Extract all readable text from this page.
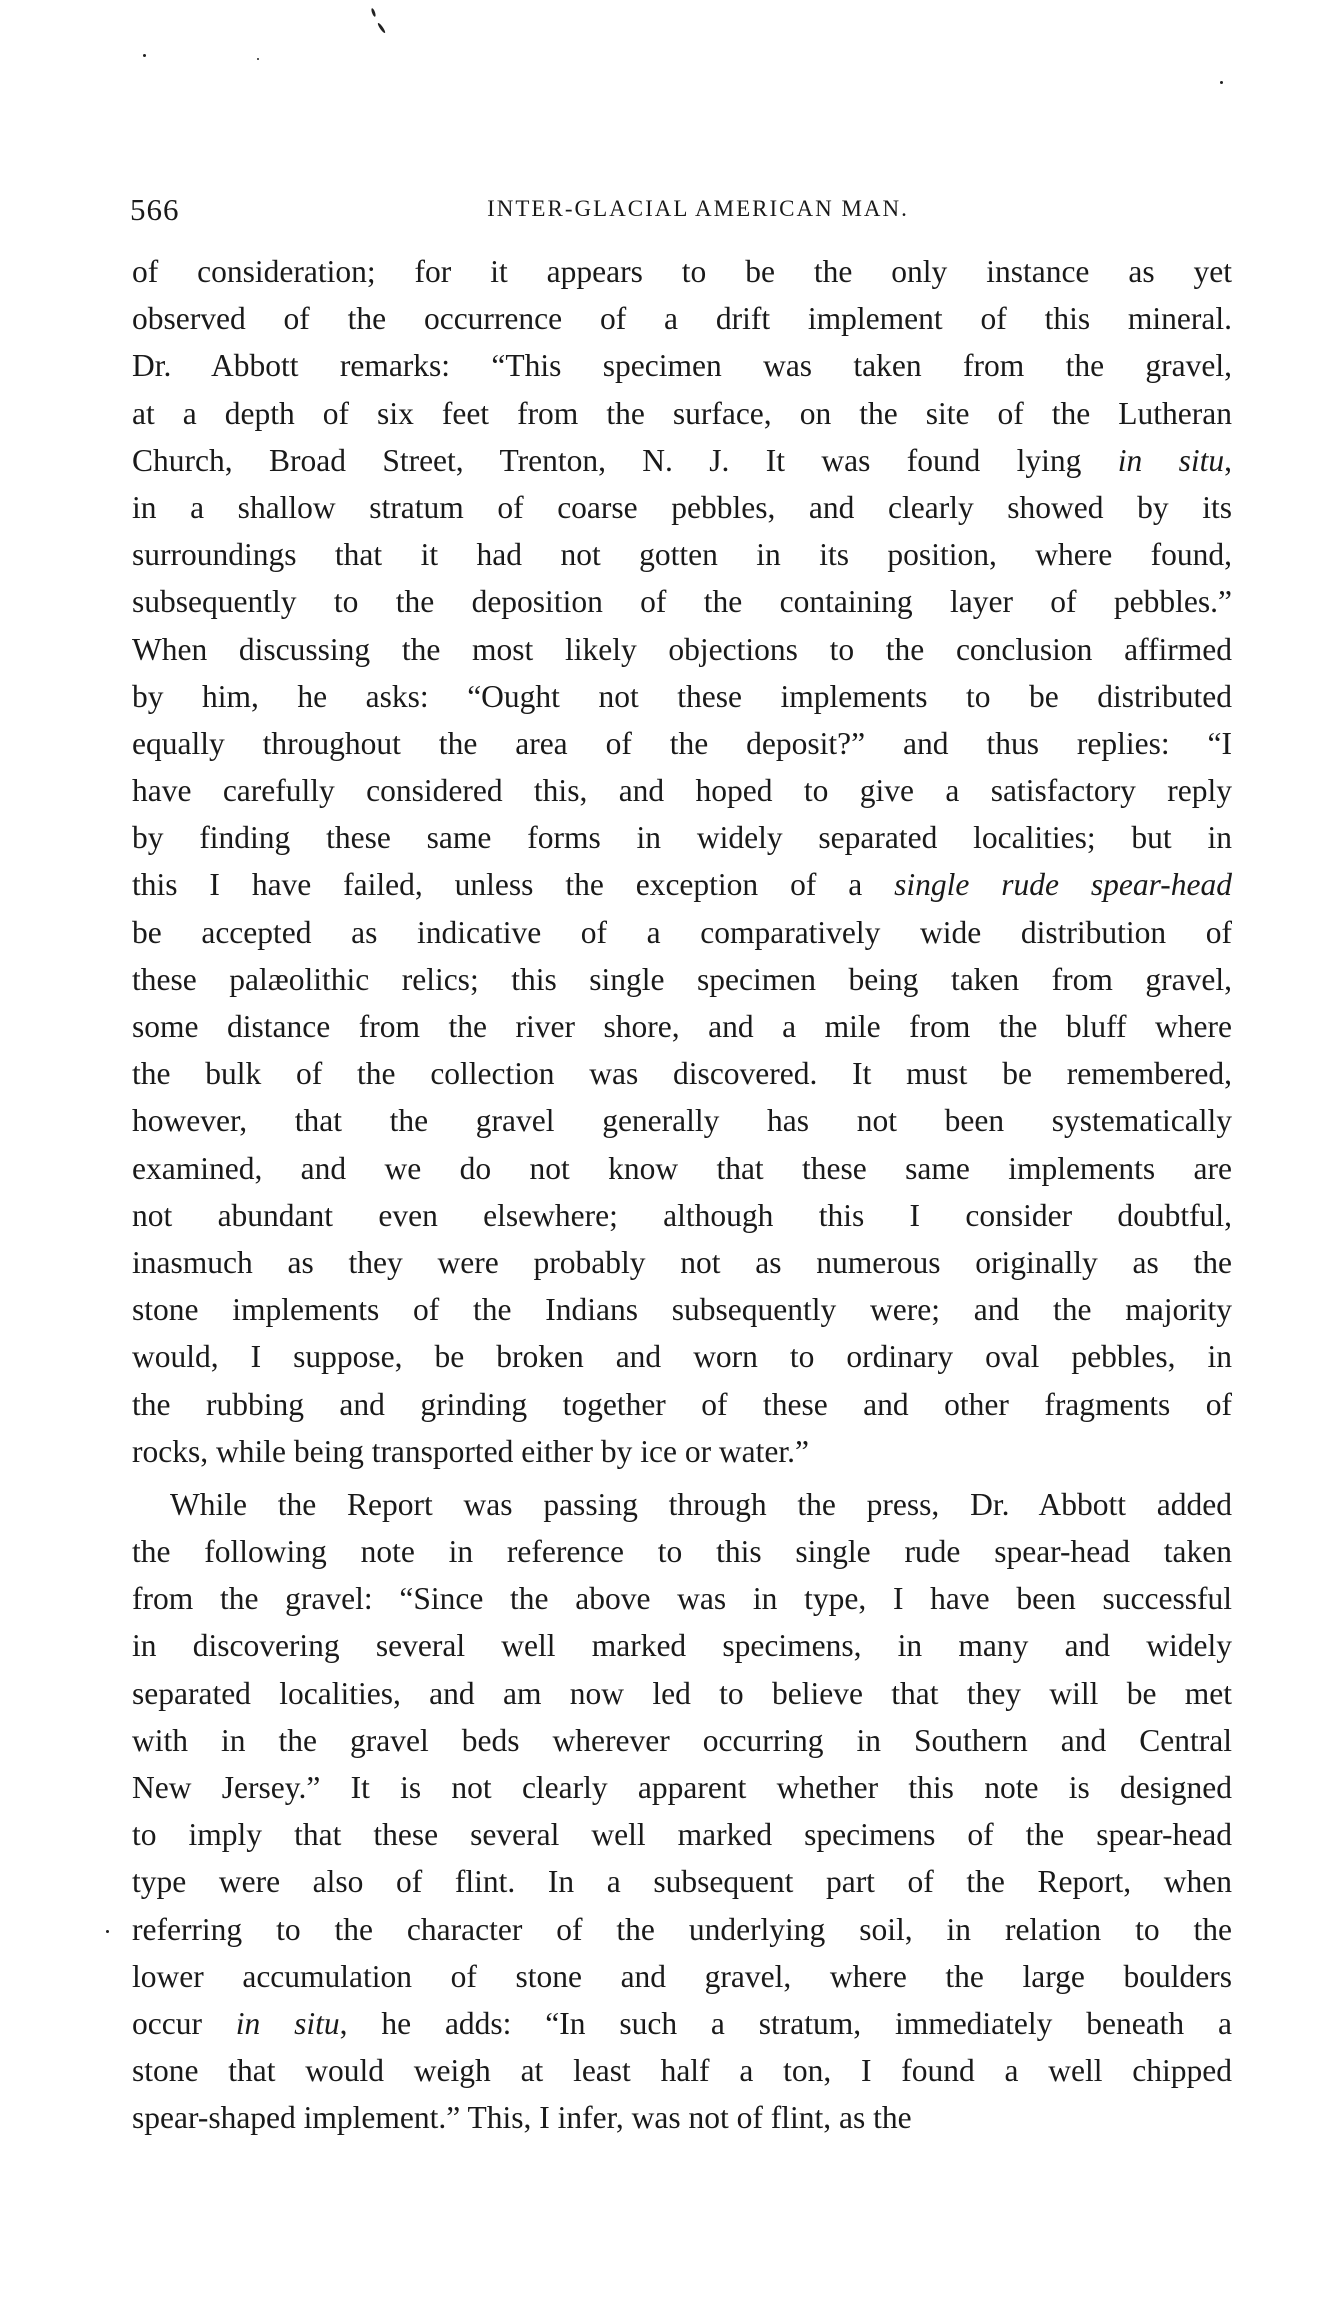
566	INTER-GLACIAL AMERICAN MAN.
of consideration; for it appears to be the only instance as yet
observed of the occurrence of a drift implement of this mineral.
Dr. Abbott remarks: “This specimen was taken from the gravel,
at a depth of six feet from the surface, on the site of the Lutheran
Church, Broad Street, Trenton, N. J. It was found lying in situ,
in a shallow stratum of coarse pebbles, and clearly showed by its
surroundings that it had not gotten in its position, where found,
subsequently to the deposition of the containing layer of pebbles.”
When discussing the most likely objections to the conclusion affirmed
by him, he asks: “Ought not these implements to be distributed
equally throughout the area of the deposit?” and thus replies: “I
have carefully considered this, and hoped to give a satisfactory reply
by finding these same forms in widely separated localities; but in
this I have failed, unless the exception of a single rude spear-head
be accepted as indicative of a comparatively wide distribution of
these palæolithic relics; this single specimen being taken from gravel,
some distance from the river shore, and a mile from the bluff where
the bulk of the collection was discovered. It must be remembered,
however, that the gravel generally has not been systematically
examined, and we do not know that these same implements are
not abundant even elsewhere; although this I consider doubtful,
inasmuch as they were probably not as numerous originally as the
stone implements of the Indians subsequently were; and the majority
would, I suppose, be broken and worn to ordinary oval pebbles, in
the rubbing and grinding together of these and other fragments of
rocks, while being transported either by ice or water.”
While the Report was passing through the press, Dr. Abbott added
the following note in reference to this single rude spear-head taken
from the gravel: “Since the above was in type, I have been successful
in discovering several well marked specimens, in many and widely
separated localities, and am now led to believe that they will be met
with in the gravel beds wherever occurring in Southern and Central
New Jersey.” It is not clearly apparent whether this note is designed
to imply that these several well marked specimens of the spear-head
type were also of flint. In a subsequent part of the Report, when
referring to the character of the underlying soil, in relation to the
lower accumulation of stone and gravel, where the large boulders
occur in situ, he adds: “In such a stratum, immediately beneath a
stone that would weigh at least half a ton, I found a well chipped
spear-shaped implement.” This, I infer, was not of flint, as the
